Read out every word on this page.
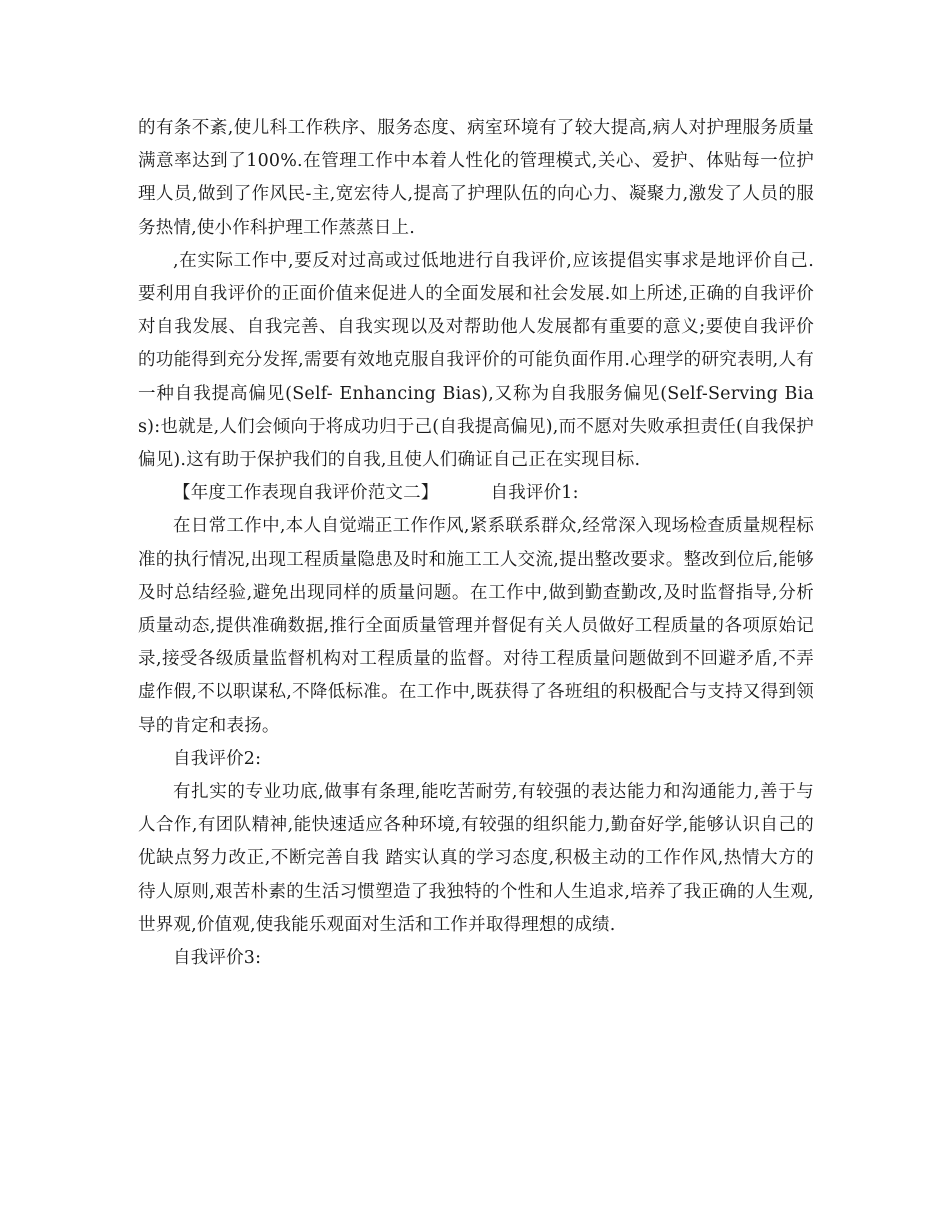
的有条不紊,使儿科工作秩序、服务态度、病室环境有了较大提高,病人对护理服务质量满意率达到了100%.在管理工作中本着人性化的管理模式,关心、爱护、体贴每一位护理人员,做到了作风民-主,宽宏待人,提高了护理队伍的向心力、凝聚力,激发了人员的服务热情,使小作科护理工作蒸蒸日上.

,在实际工作中,要反对过高或过低地进行自我评价,应该提倡实事求是地评价自己.要利用自我评价的正面价值来促进人的全面发展和社会发展.如上所述,正确的自我评价对自我发展、自我完善、自我实现以及对帮助他人发展都有重要的意义;要使自我评价的功能得到充分发挥,需要有效地克服自我评价的可能负面作用.心理学的研究表明,人有一种自我提高偏见(Self- Enhancing Bias),又称为自我服务偏见(Self-Serving Bias):也就是,人们会倾向于将成功归于己(自我提高偏见),而不愿对失败承担责任(自我保护偏见).这有助于保护我们的自我,且使人们确证自己正在实现目标.

【年度工作表现自我评价范文二】	自我评价1:

在日常工作中,本人自觉端正工作作风,紧系联系群众,经常深入现场检查质量规程标准的执行情况,出现工程质量隐患及时和施工工人交流,提出整改要求。整改到位后,能够及时总结经验,避免出现同样的质量问题。在工作中,做到勤查勤改,及时监督指导,分析质量动态,提供准确数据,推行全面质量管理并督促有关人员做好工程质量的各项原始记录,接受各级质量监督机构对工程质量的监督。对待工程质量问题做到不回避矛盾,不弄虚作假,不以职谋私,不降低标准。在工作中,既获得了各班组的积极配合与支持又得到领导的肯定和表扬。

自我评价2:

有扎实的专业功底,做事有条理,能吃苦耐劳,有较强的表达能力和沟通能力,善于与人合作,有团队精神,能快速适应各种环境,有较强的组织能力,勤奋好学,能够认识自己的优缺点努力改正,不断完善自我 踏实认真的学习态度,积极主动的工作作风,热情大方的待人原则,艰苦朴素的生活习惯塑造了我独特的个性和人生追求,培养了我正确的人生观,世界观,价值观,使我能乐观面对生活和工作并取得理想的成绩.

自我评价3:
